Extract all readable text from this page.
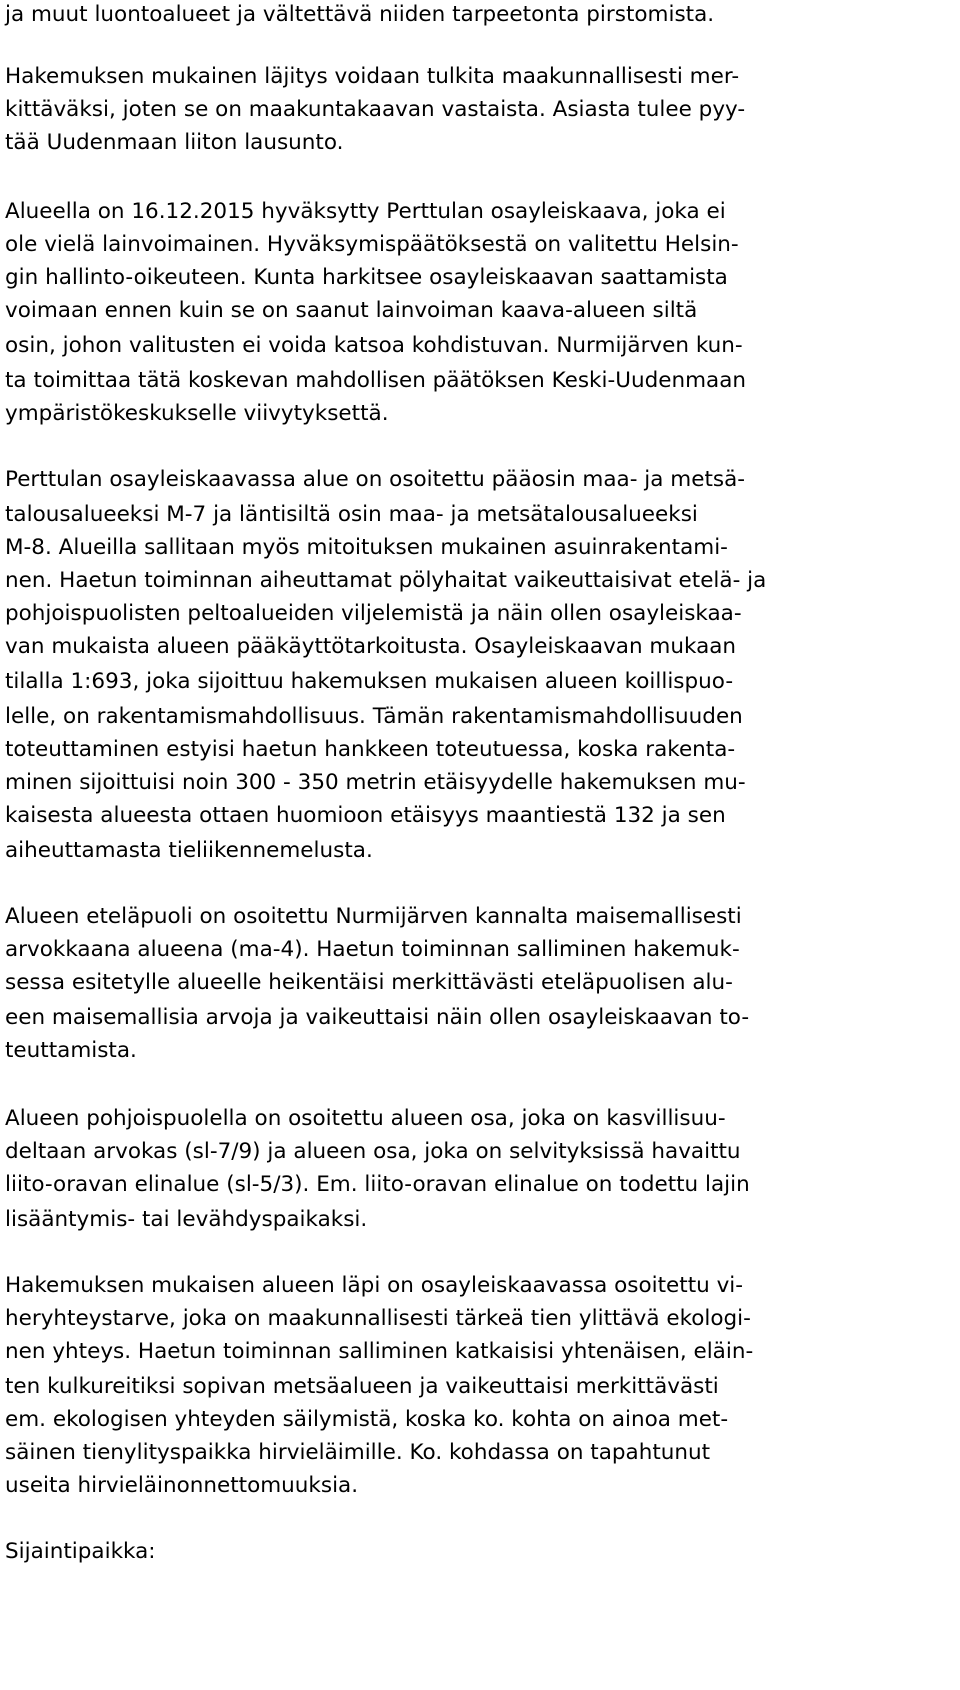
ja muut luontoalueet ja vältettävä niiden tarpeetonta pirstomista.
Hakemuksen mukainen läjitys voidaan tulkita maakunnallisesti mer-
kittäväksi, joten se on maakuntakaavan vastaista. Asiasta tulee pyy-
tää Uudenmaan liiton lausunto.
Alueella on 16.12.2015 hyväksytty Perttulan osayleiskaava, joka ei
ole vielä lainvoimainen. Hyväksymispäätöksestä on valitettu Helsin-
gin hallinto-oikeuteen. Kunta harkitsee osayleiskaavan saattamista
voimaan ennen kuin se on saanut lainvoiman kaava-alueen siltä
osin, johon valitusten ei voida katsoa kohdistuvan. Nurmijärven kun-
ta toimittaa tätä koskevan mahdollisen päätöksen Keski-Uudenmaan
ympäristökeskukselle viivytyksettä.
Perttulan osayleiskaavassa alue on osoitettu pääosin maa- ja metsä-
talousalueeksi M-7 ja läntisiltä osin maa- ja metsätalousalueeksi
M-8. Alueilla sallitaan myös mitoituksen mukainen asuinrakentami-
nen. Haetun toiminnan aiheuttamat pölyhaitat vaikeuttaisivat etelä- ja
pohjoispuolisten peltoalueiden viljelemistä ja näin ollen osayleiskaa-
van mukaista alueen pääkäyttötarkoitusta. Osayleiskaavan mukaan
tilalla 1:693, joka sijoittuu hakemuksen mukaisen alueen koillispuo-
lelle, on rakentamismahdollisuus. Tämän rakentamismahdollisuuden
toteuttaminen estyisi haetun hankkeen toteutuessa, koska rakenta-
minen sijoittuisi noin 300 - 350 metrin etäisyydelle hakemuksen mu-
kaisesta alueesta ottaen huomioon etäisyys maantiestä 132 ja sen
aiheuttamasta tieliikennemelusta.
Alueen eteläpuoli on osoitettu Nurmijärven kannalta maisemallisesti
arvokkaana alueena (ma-4). Haetun toiminnan salliminen hakemuk-
sessa esitetylle alueelle heikentäisi merkittävästi eteläpuolisen alu-
een maisemallisia arvoja ja vaikeuttaisi näin ollen osayleiskaavan to-
teuttamista.
Alueen pohjoispuolella on osoitettu alueen osa, joka on kasvillisuu-
deltaan arvokas (sl-7/9) ja alueen osa, joka on selvityksissä havaittu
liito-oravan elinalue (sl-5/3). Em. liito-oravan elinalue on todettu lajin
lisääntymis- tai levähdyspaikaksi.
Hakemuksen mukaisen alueen läpi on osayleiskaavassa osoitettu vi-
heryhteystarve, joka on maakunnallisesti tärkeä tien ylittävä ekologi-
nen yhteys. Haetun toiminnan salliminen katkaisisi yhtenäisen, eläin-
ten kulkureitiksi sopivan metsäalueen ja vaikeuttaisi merkittävästi
em. ekologisen yhteyden säilymistä, koska ko. kohta on ainoa met-
säinen tienylityspaikka hirvieläimille. Ko. kohdassa on tapahtunut
useita hirvieläinonnettomuuksia.
Sijaintipaikka:
